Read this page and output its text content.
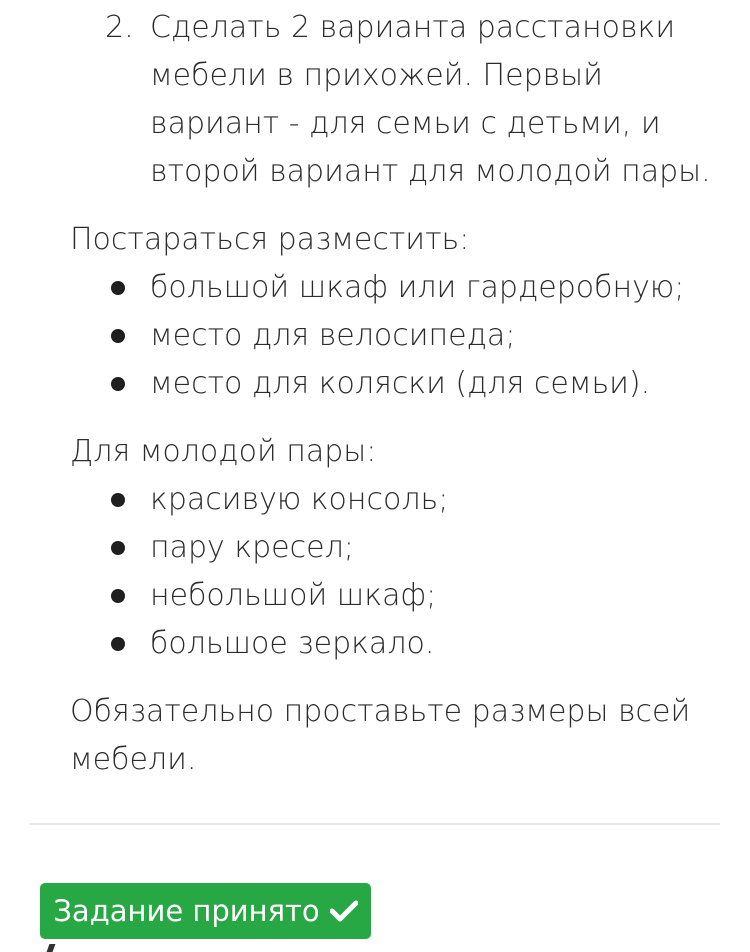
2. Сделать 2 варианта расстановки
мебели в прихожей. Первый
вариант - для семьи с детьми, и
второй вариант для молодой пары.
Постараться разместить:
большой шкаф или гардеробную;
место для велосипеда;
место для коляски (для семьи).
Для молодой пары:
красивую консоль;
пару кресел;
небольшой шкаф;
большое зеркало.
Обязательно проставьте размеры всей
мебели.
Задание принято
